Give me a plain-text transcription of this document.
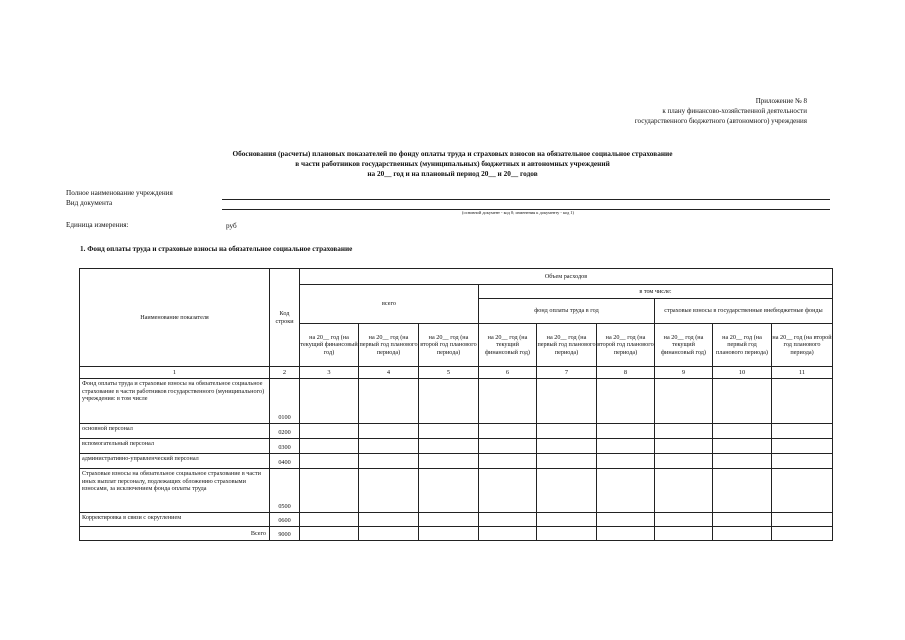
Приложение № 8
к плану финансово-хозяйственной деятельности
государственного бюджетного (автономного) учреждения
Обоснования (расчеты) плановых показателей по фонду оплаты труда и страховых взносов на обязательное социальное страхование
в части работников государственных (муниципальных) бюджетных и автономных учреждений
на 20__ год и на плановый период 20__ и 20__ годов
Полное наименование учреждения
Вид документа
(основной документ - код 0; изменения к документу - код 1)
Единица измерения:	руб
1. Фонд оплаты труда и страховые взносы на обязательное социальное страхование
Наименование показателя	Код строки	Объем расходов								
		всего			в том числе:					
					фонд оплаты труда в год			страховые взносы в государственные внебюджетные фонды		
		на 20__ год (на текущий финансовый год)	на 20__ год (на первый год планового периода)	на 20__ год (на второй год планового периода)	на 20__ год (на текущий финансовый год)	на 20__ год (на первый год планового периода)	на 20__ год (на второй год планового периода)	на 20__ год (на текущий финансовый год)	на 20__ год (на первый год планового периода)	на 20__ год (на второй год планового периода)
1	2	3	4	5	6	7	8	9	10	11
Фонд оплаты труда и страховые взносы на обязательное социальное страхование в части работников государственного (муниципального) учреждения: в том числе	0100									
основной персонал	0200									
вспомогательный персонал	0300									
административно-управленческий персонал	0400									
Страховые взносы на обязательное социальное страхование в части иных выплат персоналу, подлежащих обложению страховыми взносами, за исключением фонда оплаты труда	0500									
Корректировка в связи с округлением	0600									
Всего	9000									
